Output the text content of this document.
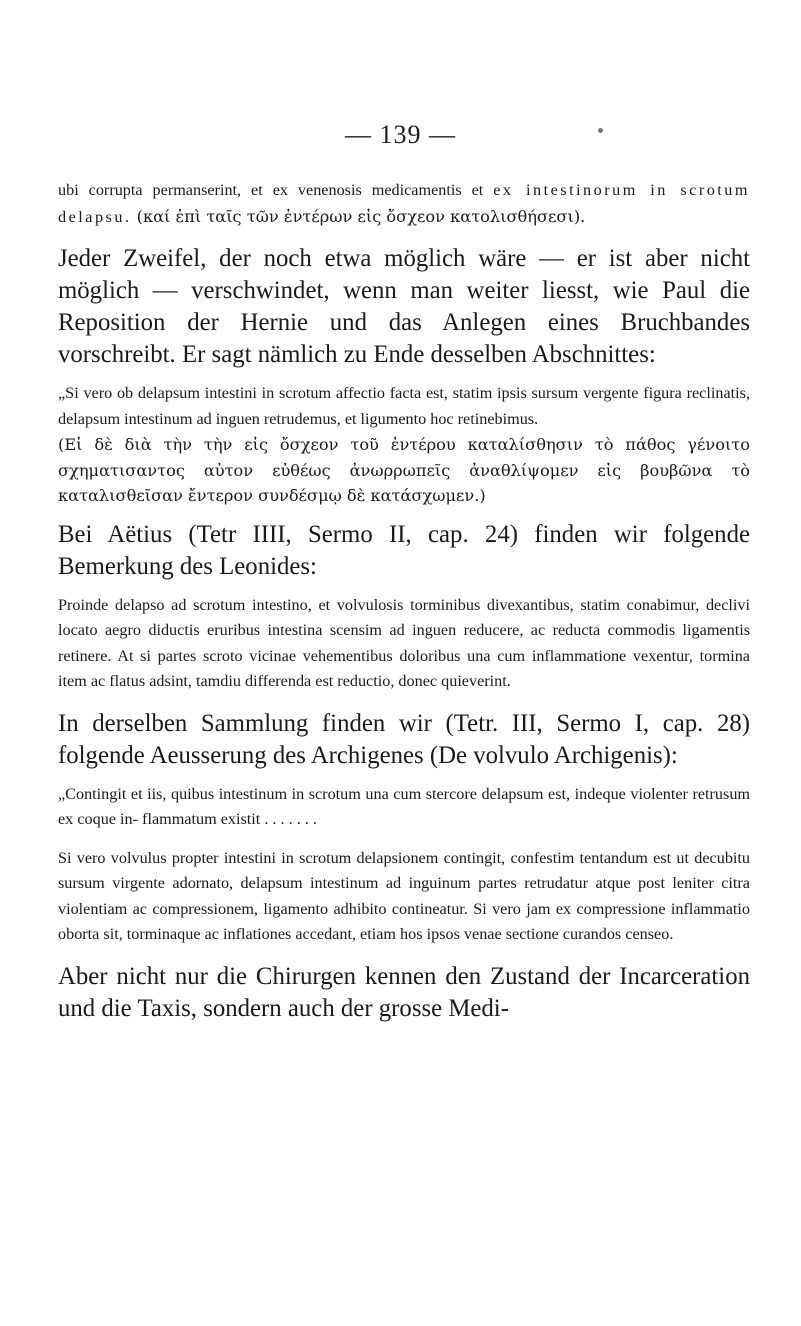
— 139 —

ubi corrupta permanserint, et ex venenosis medicamentis et ex intestinorum in scrotum delapsu. (καί ἐπὶ ταῖς τῶν ἐντέρων εἰς ὄσχεον κατολισθήσεσι).

Jeder Zweifel, der noch etwa möglich wäre — er ist aber nicht möglich — verschwindet, wenn man weiter liesst, wie Paul die Reposition der Hernie und das Anlegen eines Bruchbandes vorschreibt. Er sagt nämlich zu Ende desselben Abschnittes:

„Si vero ob delapsum intestini in scrotum affectio facta est, statim ipsis sursum vergente figura reclinatis, delapsum intestinum ad inguen retrudemus, et ligumento hoc retinebimus.

(Εἰ δὲ διὰ τὴν τὴν εἰς ὄσχεον τοῦ ἐντέρου καταλίσθησιν τὸ πάθος γένοιτο σχηματισαντος αὐτον εὐθέως ἀνωρρωπεῖς ἀναθλίψομεν εἰς βουβῶνα τὸ καταλισθεῖσαν ἔντερον συνδέσμῳ δὲ κατάσχωμεν.)

Bei Aëtius (Tetr IIII, Sermo II, cap. 24) finden wir folgende Bemerkung des Leonides:

Proinde delapso ad scrotum intestino, et volvulosis torminibus divexantibus, statim conabimur, declivi locato aegro diductis eruribus intestina scensim ad inguen reducere, ac reducta commodis ligamentis retinere. At si partes scroto vicinae vehementibus doloribus una cum inflammatione vexentur, tormina item ac flatus adsint, tamdiu differenda est reductio, donec quieverint.

In derselben Sammlung finden wir (Tetr. III, Sermo I, cap. 28) folgende Aeusserung des Archigenes (De volvulo Archigenis):

„Contingit et iis, quibus intestinum in scrotum una cum stercore delapsum est, indeque violenter retrusum ex coque in- flammatum existit . . . . . . .

Si vero volvulus propter intestini in scrotum delapsionem contingit, confestim tentandum est ut decubitu sursum virgente adornato, delapsum intestinum ad inguinum partes retrudatur atque post leniter citra violentiam ac compressionem, ligamento adhibito contineatur. Si vero jam ex compressione inflammatio oborta sit, torminaque ac inflationes accedant, etiam hos ipsos venae sectione curandos censeo.

Aber nicht nur die Chirurgen kennen den Zustand der Incarceration und die Taxis, sondern auch der grosse Medi-
